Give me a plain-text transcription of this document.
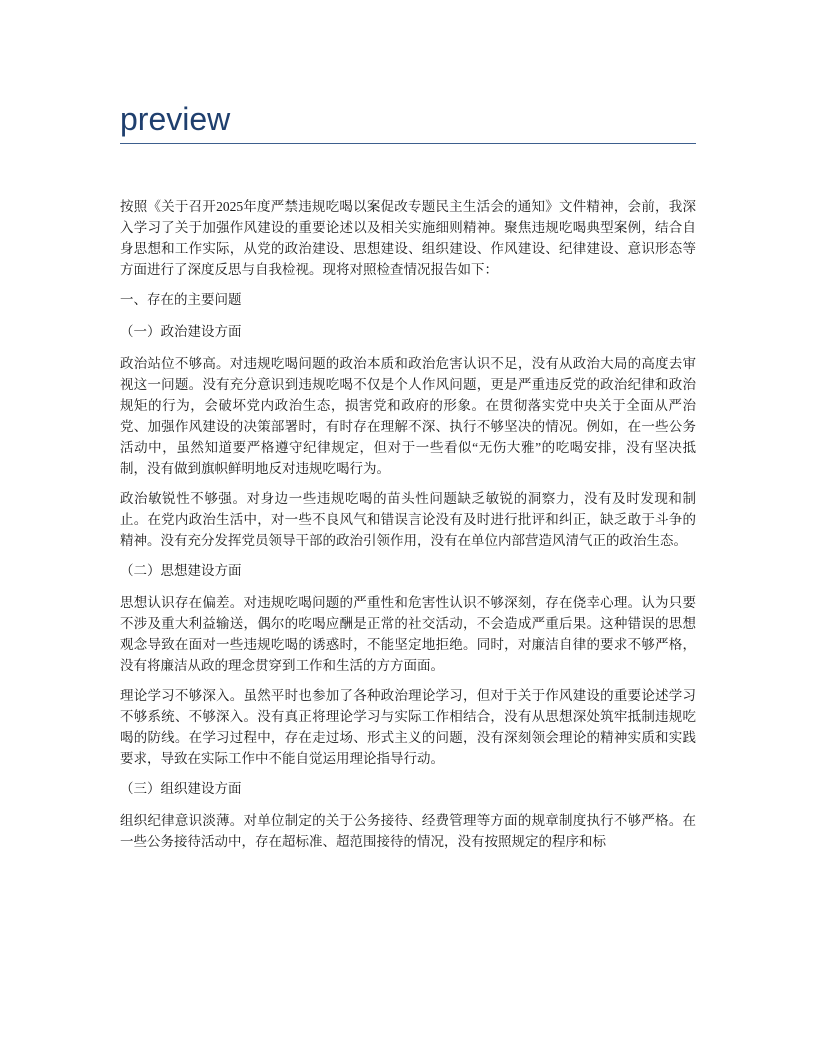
preview

按照《关于召开2025年度严禁违规吃喝以案促改专题民主生活会的通知》文件精神，会前，我深入学习了关于加强作风建设的重要论述以及相关实施细则精神。聚焦违规吃喝典型案例，结合自身思想和工作实际，从党的政治建设、思想建设、组织建设、作风建设、纪律建设、意识形态等方面进行了深度反思与自我检视。现将对照检查情况报告如下：

一、存在的主要问题

（一）政治建设方面

政治站位不够高。对违规吃喝问题的政治本质和政治危害认识不足，没有从政治大局的高度去审视这一问题。没有充分意识到违规吃喝不仅是个人作风问题，更是严重违反党的政治纪律和政治规矩的行为，会破坏党内政治生态，损害党和政府的形象。在贯彻落实党中央关于全面从严治党、加强作风建设的决策部署时，有时存在理解不深、执行不够坚决的情况。例如，在一些公务活动中，虽然知道要严格遵守纪律规定，但对于一些看似“无伤大雅”的吃喝安排，没有坚决抵制，没有做到旗帜鲜明地反对违规吃喝行为。

政治敏锐性不够强。对身边一些违规吃喝的苗头性问题缺乏敏锐的洞察力，没有及时发现和制止。在党内政治生活中，对一些不良风气和错误言论没有及时进行批评和纠正，缺乏敢于斗争的精神。没有充分发挥党员领导干部的政治引领作用，没有在单位内部营造风清气正的政治生态。

（二）思想建设方面

思想认识存在偏差。对违规吃喝问题的严重性和危害性认识不够深刻，存在侥幸心理。认为只要不涉及重大利益输送，偶尔的吃喝应酬是正常的社交活动，不会造成严重后果。这种错误的思想观念导致在面对一些违规吃喝的诱惑时，不能坚定地拒绝。同时，对廉洁自律的要求不够严格，没有将廉洁从政的理念贯穿到工作和生活的方方面面。

理论学习不够深入。虽然平时也参加了各种政治理论学习，但对于关于作风建设的重要论述学习不够系统、不够深入。没有真正将理论学习与实际工作相结合，没有从思想深处筑牢抵制违规吃喝的防线。在学习过程中，存在走过场、形式主义的问题，没有深刻领会理论的精神实质和实践要求，导致在实际工作中不能自觉运用理论指导行动。

（三）组织建设方面

组织纪律意识淡薄。对单位制定的关于公务接待、经费管理等方面的规章制度执行不够严格。在一些公务接待活动中，存在超标准、超范围接待的情况，没有按照规定的程序和标
